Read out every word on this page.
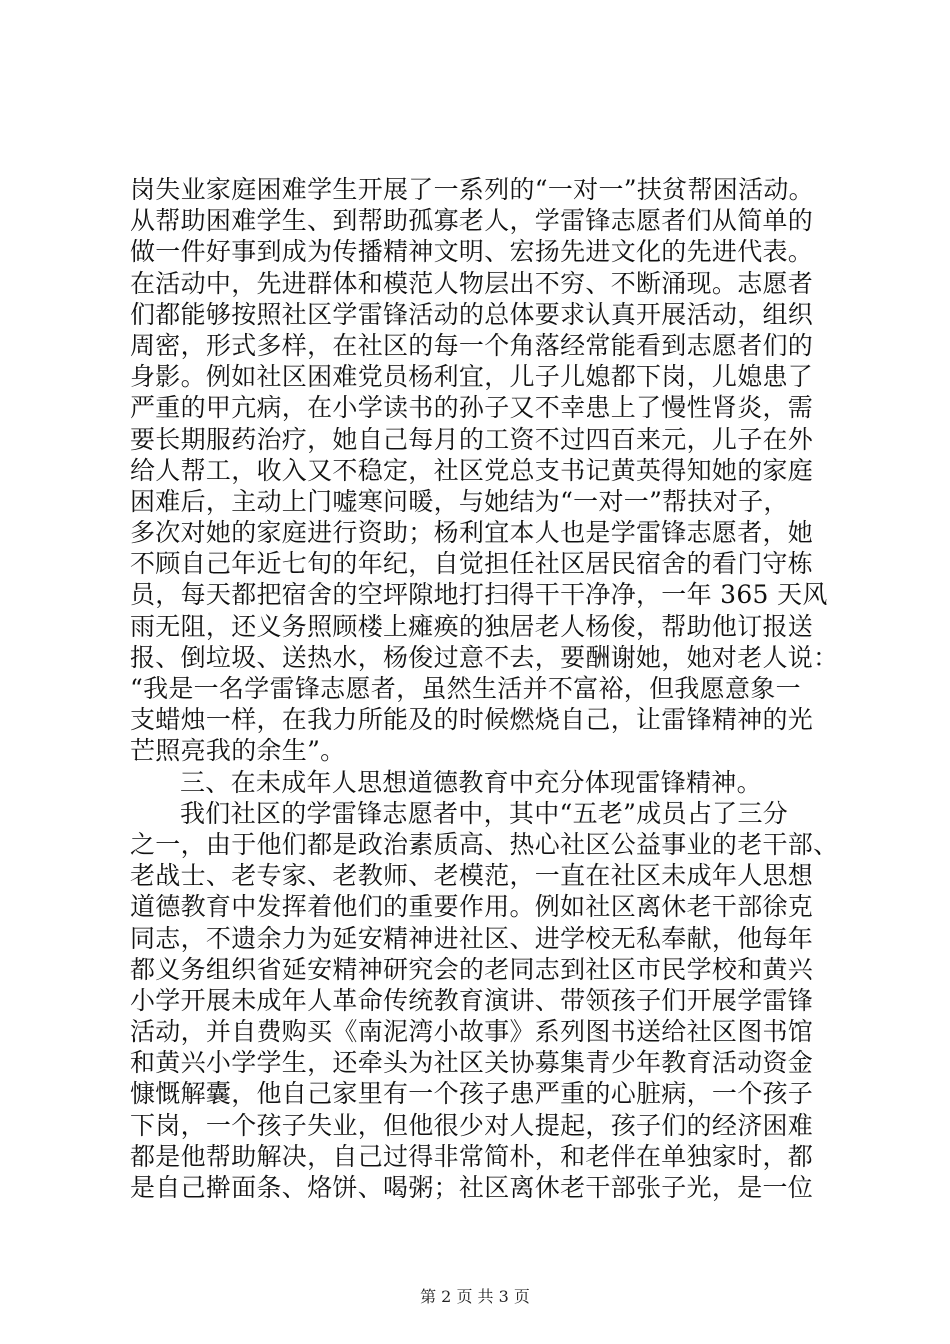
岗失业家庭困难学生开展了一系列的“一对一”扶贫帮困活动。
从帮助困难学生、到帮助孤寡老人，学雷锋志愿者们从简单的
做一件好事到成为传播精神文明、宏扬先进文化的先进代表。
在活动中，先进群体和模范人物层出不穷、不断涌现。志愿者
们都能够按照社区学雷锋活动的总体要求认真开展活动，组织
周密，形式多样，在社区的每一个角落经常能看到志愿者们的
身影。例如社区困难党员杨利宜，儿子儿媳都下岗，儿媳患了
严重的甲亢病，在小学读书的孙子又不幸患上了慢性肾炎，需
要长期服药治疗，她自己每月的工资不过四百来元，儿子在外
给人帮工，收入又不稳定，社区党总支书记黄英得知她的家庭
困难后，主动上门嘘寒问暖，与她结为“一对一”帮扶对子，
多次对她的家庭进行资助；杨利宜本人也是学雷锋志愿者，她
不顾自己年近七旬的年纪，自觉担任社区居民宿舍的看门守栋
员，每天都把宿舍的空坪隙地打扫得干干净净，一年 365 天风
雨无阻，还义务照顾楼上瘫痪的独居老人杨俊，帮助他订报送
报、倒垃圾、送热水，杨俊过意不去，要酬谢她，她对老人说：
“我是一名学雷锋志愿者，虽然生活并不富裕，但我愿意象一
支蜡烛一样，在我力所能及的时候燃烧自己，让雷锋精神的光
芒照亮我的余生”。
三、在未成年人思想道德教育中充分体现雷锋精神。
我们社区的学雷锋志愿者中，其中“五老”成员占了三分
之一，由于他们都是政治素质高、热心社区公益事业的老干部、
老战士、老专家、老教师、老模范，一直在社区未成年人思想
道德教育中发挥着他们的重要作用。例如社区离休老干部徐克
同志，不遗余力为延安精神进社区、进学校无私奉献，他每年
都义务组织省延安精神研究会的老同志到社区市民学校和黄兴
小学开展未成年人革命传统教育演讲、带领孩子们开展学雷锋
活动，并自费购买《南泥湾小故事》系列图书送给社区图书馆
和黄兴小学学生，还牵头为社区关协募集青少年教育活动资金
慷慨解囊，他自己家里有一个孩子患严重的心脏病，一个孩子
下岗，一个孩子失业，但他很少对人提起，孩子们的经济困难
都是他帮助解决，自己过得非常简朴，和老伴在单独家时，都
是自己擀面条、烙饼、喝粥；社区离休老干部张子光，是一位
第 2 页 共 3 页
